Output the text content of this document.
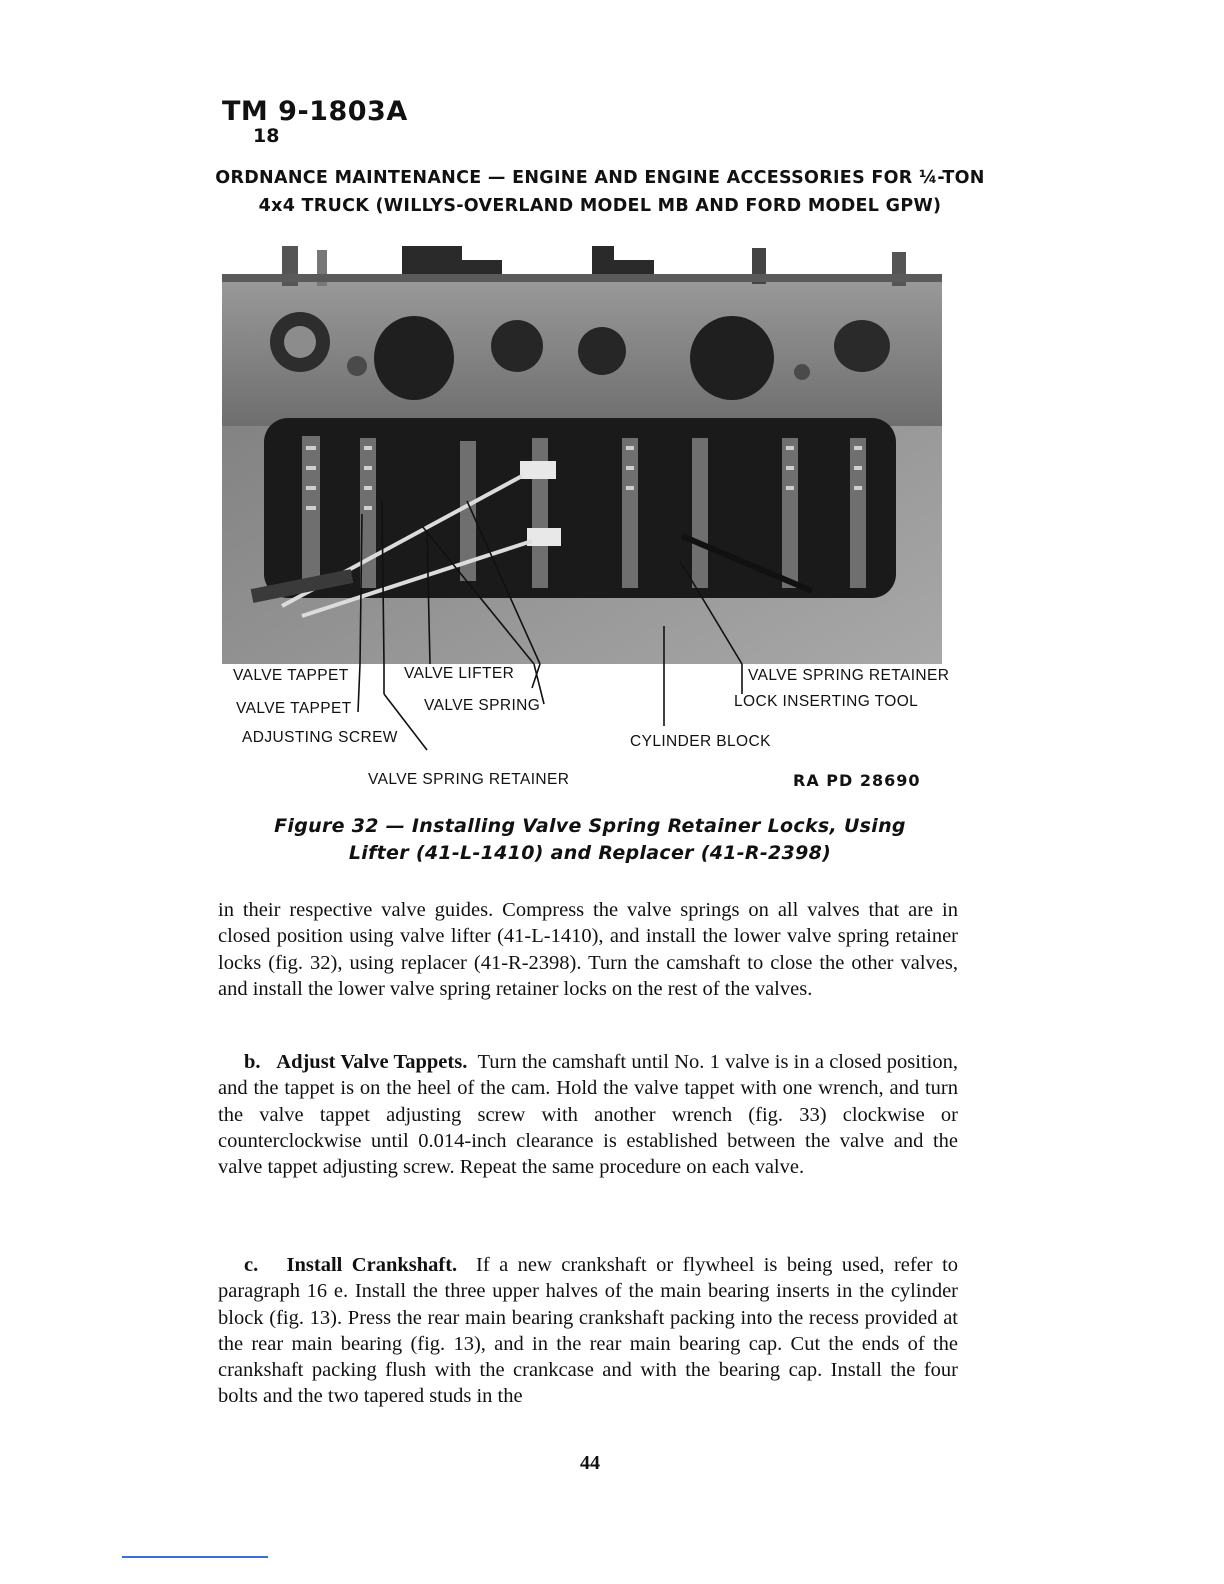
TM 9-1803A
18
ORDNANCE MAINTENANCE — ENGINE AND ENGINE ACCESSORIES FOR ¼-TON
4x4 TRUCK (WILLYS-OVERLAND MODEL MB AND FORD MODEL GPW)
VALVE TAPPET	VALVE LIFTER	VALVE SPRING RETAINER
LOCK INSERTING TOOL
VALVE TAPPET
ADJUSTING SCREW
VALVE SPRING
CYLINDER BLOCK
VALVE SPRING RETAINER	RA PD 28690
Figure 32 — Installing Valve Spring Retainer Locks, Using
Lifter (41-L-1410) and Replacer (41-R-2398)

in their respective valve guides. Compress the valve springs on all valves that are in closed position using valve lifter (41-L-1410), and install the lower valve spring retainer locks (fig. 32), using replacer (41-R-2398). Turn the camshaft to close the other valves, and install the lower valve spring retainer locks on the rest of the valves.

b. Adjust Valve Tappets. Turn the camshaft until No. 1 valve is in a closed position, and the tappet is on the heel of the cam. Hold the valve tappet with one wrench, and turn the valve tappet adjusting screw with another wrench (fig. 33) clockwise or counterclockwise until 0.014-inch clearance is established between the valve and the valve tappet adjusting screw. Repeat the same procedure on each valve.

c. Install Crankshaft. If a new crankshaft or flywheel is being used, refer to paragraph 16 e. Install the three upper halves of the main bearing inserts in the cylinder block (fig. 13). Press the rear main bearing crankshaft packing into the recess provided at the rear main bearing (fig. 13), and in the rear main bearing cap. Cut the ends of the crankshaft packing flush with the crankcase and with the bearing cap. Install the four bolts and the two tapered studs in the

44
